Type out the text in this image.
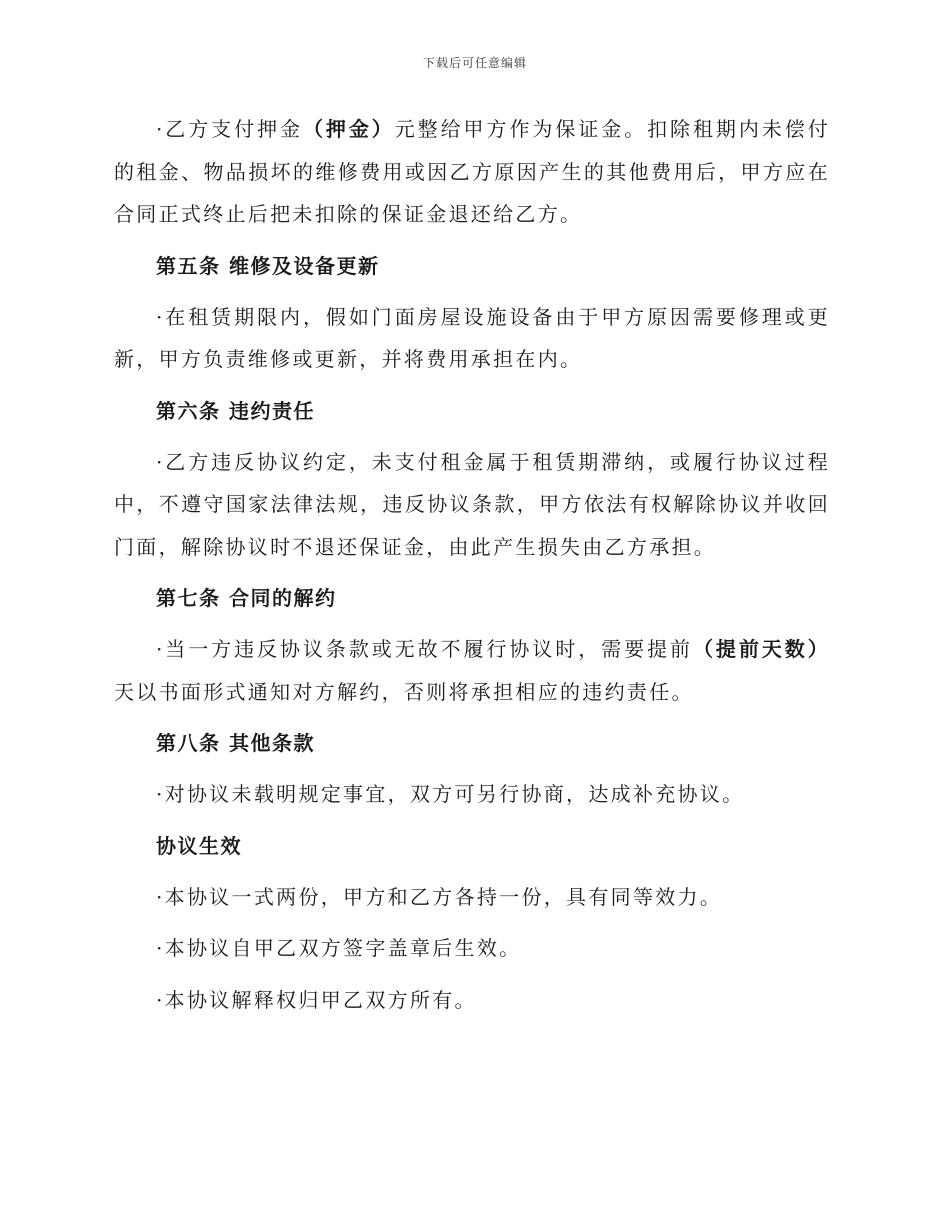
下载后可任意编辑

·乙方支付押金（押金）元整给甲方作为保证金。扣除租期内未偿付的租金、物品损坏的维修费用或因乙方原因产生的其他费用后，甲方应在合同正式终止后把未扣除的保证金退还给乙方。

第五条 维修及设备更新

·在租赁期限内，假如门面房屋设施设备由于甲方原因需要修理或更新，甲方负责维修或更新，并将费用承担在内。

第六条 违约责任

·乙方违反协议约定，未支付租金属于租赁期滞纳，或履行协议过程中，不遵守国家法律法规，违反协议条款，甲方依法有权解除协议并收回门面，解除协议时不退还保证金，由此产生损失由乙方承担。

第七条 合同的解约

·当一方违反协议条款或无故不履行协议时，需要提前（提前天数）天以书面形式通知对方解约，否则将承担相应的违约责任。

第八条 其他条款

·对协议未载明规定事宜，双方可另行协商，达成补充协议。

协议生效

·本协议一式两份，甲方和乙方各持一份，具有同等效力。

·本协议自甲乙双方签字盖章后生效。

·本协议解释权归甲乙双方所有。
